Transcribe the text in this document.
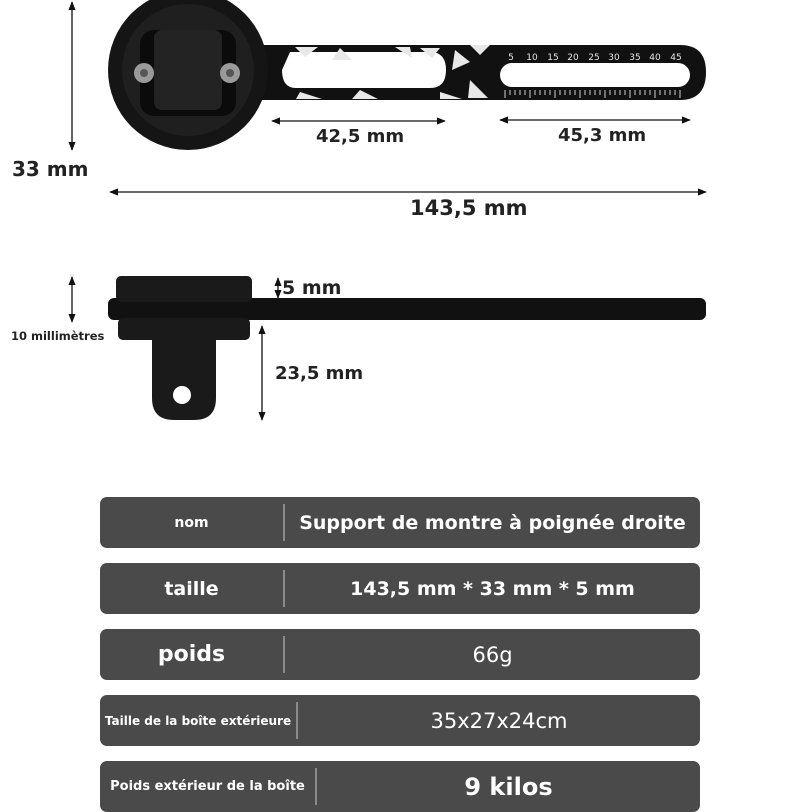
5 10 15 20 25 30 35 40 45
33 mm
42,5 mm	45,3 mm
143,5 mm
5 mm
10 millimètres
23,5 mm
nom	Support de montre à poignée droite
taille	143,5 mm * 33 mm * 5 mm
poids	66g
Taille de la boîte extérieure	35x27x24cm
Poids extérieur de la boîte	9 kilos
